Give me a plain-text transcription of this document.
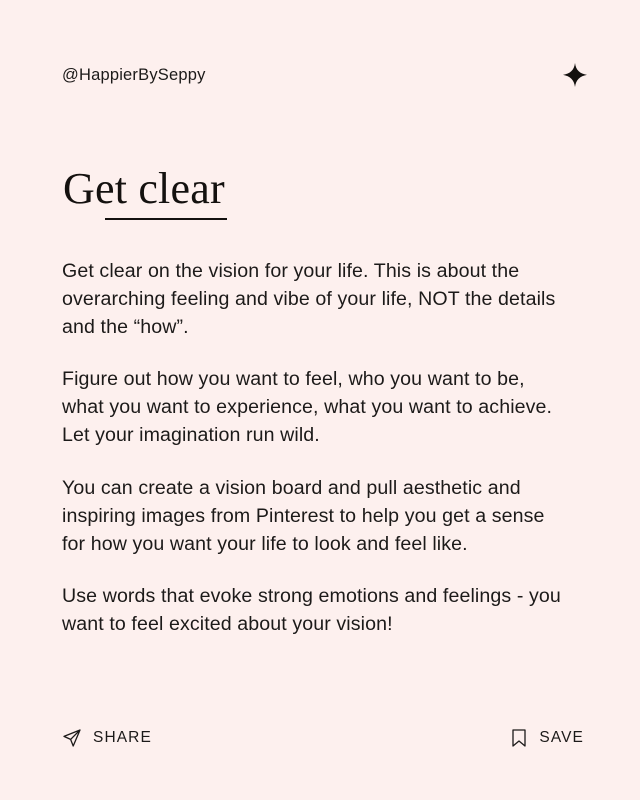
@HappierBySeppy
Get clear

Get clear on the vision for your life. This is about the overarching feeling and vibe of your life, NOT the details and the “how”.

Figure out how you want to feel, who you want to be, what you want to experience, what you want to achieve. Let your imagination run wild.

You can create a vision board and pull aesthetic and inspiring images from Pinterest to help you get a sense for how you want your life to look and feel like.

Use words that evoke strong emotions and feelings - you want to feel excited about your vision!

SHARE	SAVE
